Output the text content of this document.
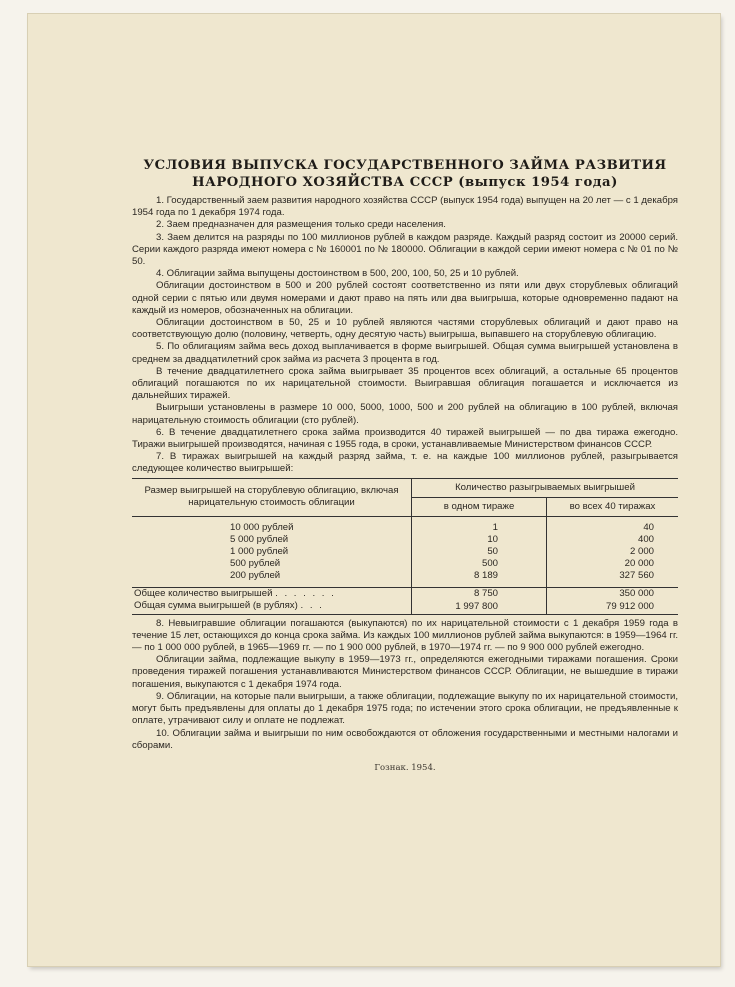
УСЛОВИЯ ВЫПУСКА ГОСУДАРСТВЕННОГО ЗАЙМА РАЗВИТИЯ
НАРОДНОГО ХОЗЯЙСТВА СССР (выпуск 1954 года)

1. Государственный заем развития народного хозяйства СССР (выпуск 1954 года) выпущен на 20 лет — с 1 декабря 1954 года по 1 декабря 1974 года.

2. Заем предназначен для размещения только среди населения.

3. Заем делится на разряды по 100 миллионов рублей в каждом разряде. Каждый разряд состоит из 20000 серий. Серии каждого разряда имеют номера с № 160001 по № 180000. Облигации в каждой серии имеют номера с № 01 по № 50.

4. Облигации займа выпущены достоинством в 500, 200, 100, 50, 25 и 10 рублей.

Облигации достоинством в 500 и 200 рублей состоят соответственно из пяти или двух сторублевых облигаций одной серии с пятью или двумя номерами и дают право на пять или два выигрыша, которые одновременно падают на каждый из номеров, обозначенных на облигации.

Облигации достоинством в 50, 25 и 10 рублей являются частями сторублевых облигаций и дают право на соответствующую долю (половину, четверть, одну десятую часть) выигрыша, выпавшего на сторублевую облигацию.

5. По облигациям займа весь доход выплачивается в форме выигрышей. Общая сумма выигрышей установлена в среднем за двадцатилетний срок займа из расчета 3 процента в год.

В течение двадцатилетнего срока займа выигрывает 35 процентов всех облигаций, а остальные 65 процентов облигаций погашаются по их нарицательной стоимости. Выигравшая облигация погашается и исключается из дальнейших тиражей.

Выигрыши установлены в размере 10 000, 5000, 1000, 500 и 200 рублей на облигацию в 100 рублей, включая нарицательную стоимость облигации (сто рублей).

6. В течение двадцатилетнего срока займа производится 40 тиражей выигрышей — по два тиража ежегодно. Тиражи выигрышей производятся, начиная с 1955 года, в сроки, устанавливаемые Министерством финансов СССР.

7. В тиражах выигрышей на каждый разряд займа, т. е. на каждые 100 миллионов рублей, разыгрывается следующее количество выигрышей:

Размер выигрышей на сторублевую облигацию, включая нарицательную стоимость облигации	Количество разыгрываемых выигрышей	
	в одном тираже	во всех 40 тиражах

10 000 рублей	1	40
5 000 рублей	10	400
1 000 рублей	50	2 000
500 рублей	500	20 000
200 рублей	8 189	327 560

Общее количество выигрышей . . . . . . .	8 750	350 000
Общая сумма выигрышей (в рублях) . . .	1 997 800	79 912 000

8. Невыигравшие облигации погашаются (выкупаются) по их нарицательной стоимости с 1 декабря 1959 года в течение 15 лет, остающихся до конца срока займа. Из каждых 100 миллионов рублей займа выкупаются: в 1959—1964 гг. — по 1 000 000 рублей, в 1965—1969 гг. — по 1 900 000 рублей, в 1970—1974 гг. — по 9 900 000 рублей ежегодно.

Облигации займа, подлежащие выкупу в 1959—1973 гг., определяются ежегодными тиражами погашения. Сроки проведения тиражей погашения устанавливаются Министерством финансов СССР. Облигации, не вышедшие в тиражи погашения, выкупаются с 1 декабря 1974 года.

9. Облигации, на которые пали выигрыши, а также облигации, подлежащие выкупу по их нарицательной стоимости, могут быть предъявлены для оплаты до 1 декабря 1975 года; по истечении этого срока облигации, не предъявленные к оплате, утрачивают силу и оплате не подлежат.

10. Облигации займа и выигрыши по ним освобождаются от обложения государственными и местными налогами и сборами.

Гознак. 1954.
